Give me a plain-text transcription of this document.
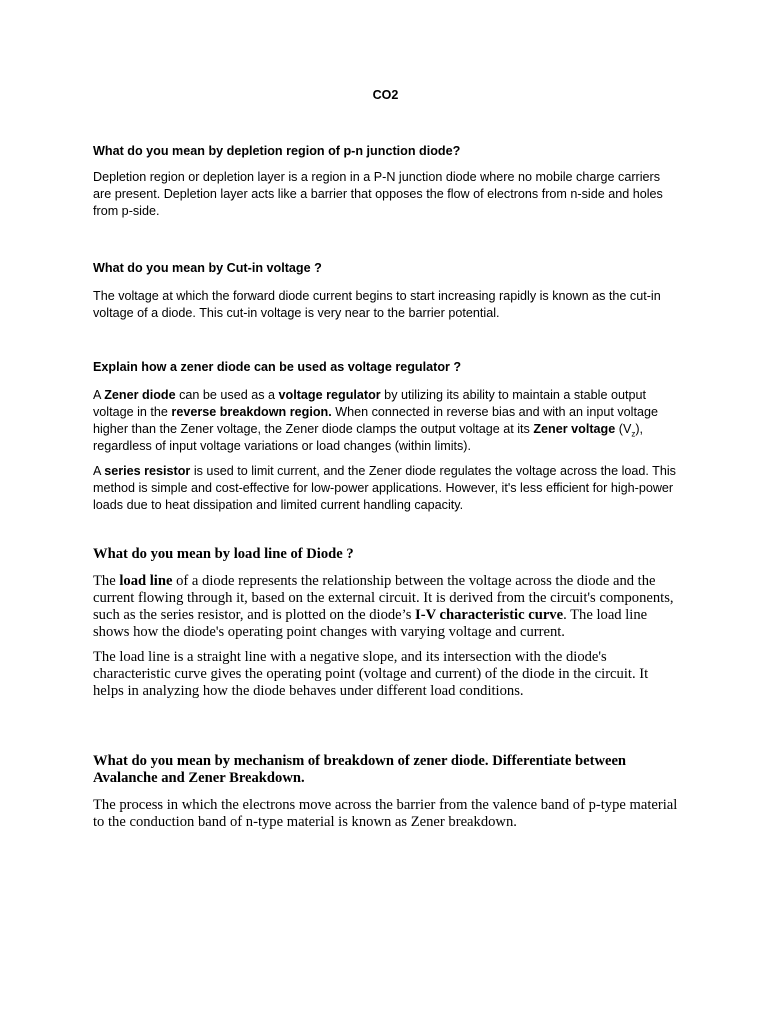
CO2
What do you mean by depletion region of p-n junction diode?

Depletion region or depletion layer is a region in a P-N junction diode where no mobile charge carriers are present. Depletion layer acts like a barrier that opposes the flow of electrons from n-side and holes from p-side.

What do you mean by Cut-in voltage ?

The voltage at which the forward diode current begins to start increasing rapidly is known as the cut-in voltage of a diode. This cut-in voltage is very near to the barrier potential.

Explain how a zener diode can be used as voltage regulator ?

A Zener diode can be used as a voltage regulator by utilizing its ability to maintain a stable output voltage in the reverse breakdown region. When connected in reverse bias and with an input voltage higher than the Zener voltage, the Zener diode clamps the output voltage at its Zener voltage $(V_z)$, regardless of input voltage variations or load changes (within limits).

A series resistor is used to limit current, and the Zener diode regulates the voltage across the load. This method is simple and cost-effective for low-power applications. However, it's less efficient for high-power loads due to heat dissipation and limited current handling capacity.

What do you mean by load line of Diode ?

The load line of a diode represents the relationship between the voltage across the diode and the current flowing through it, based on the external circuit. It is derived from the circuit's components, such as the series resistor, and is plotted on the diode’s I-V characteristic curve. The load line shows how the diode's operating point changes with varying voltage and current.

The load line is a straight line with a negative slope, and its intersection with the diode's characteristic curve gives the operating point (voltage and current) of the diode in the circuit. It helps in analyzing how the diode behaves under different load conditions.

What do you mean by mechanism of breakdown of zener diode. Differentiate between Avalanche and Zener Breakdown.

The process in which the electrons move across the barrier from the valence band of p-type material to the conduction band of n-type material is known as Zener breakdown.
